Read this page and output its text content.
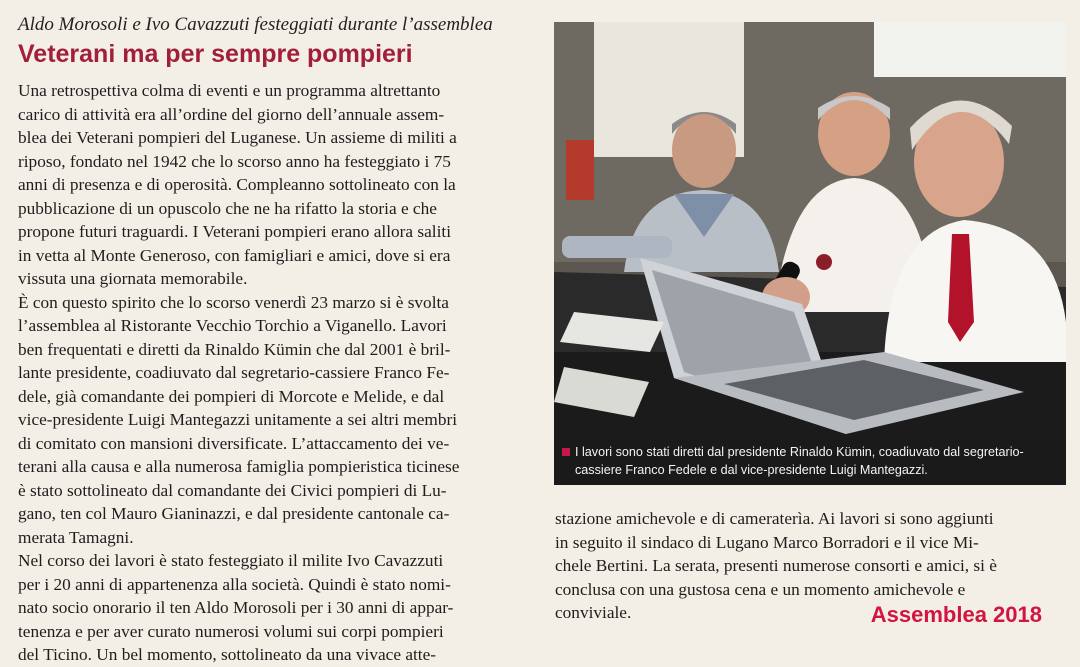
Aldo Morosoli e Ivo Cavazzuti festeggiati durante l’assemblea
Veterani ma per sempre pompieri

Una retrospettiva colma di eventi e un programma altrettanto

carico di attività era all’ordine del giorno dell’annuale assem-

blea dei Veterani pompieri del Luganese. Un assieme di militi a

riposo, fondato nel 1942 che lo scorso anno ha festeggiato i 75

anni di presenza e di operosità. Compleanno sottolineato con la

pubblicazione di un opuscolo che ne ha rifatto la storia e che

propone futuri traguardi. I Veterani pompieri erano allora saliti

in vetta al Monte Generoso, con famigliari e amici, dove si era

vissuta una giornata memorabile.

È con questo spirito che lo scorso venerdì 23 marzo si è svolta

l’assemblea al Ristorante Vecchio Torchio a Viganello. Lavori

ben frequentati e diretti da Rinaldo Kümin che dal 2001 è bril-

lante presidente, coadiuvato dal segretario-cassiere Franco Fe-

dele, già comandante dei pompieri di Morcote e Melide, e dal

vice-presidente Luigi Mantegazzi unitamente a sei altri membri

di comitato con mansioni diversificate. L’attaccamento dei ve-

terani alla causa e alla numerosa famiglia pompieristica ticinese

è stato sottolineato dal comandante dei Civici pompieri di Lu-

gano, ten col Mauro Gianinazzi, e dal presidente cantonale ca-

merata Tamagni.

Nel corso dei lavori è stato festeggiato il milite Ivo Cavazzuti

per i 20 anni di appartenenza alla società. Quindi è stato nomi-

nato socio onorario il ten Aldo Morosoli per i 30 anni di appar-

tenenza e per aver curato numerosi volumi sui corpi pompieri

del Ticino. Un bel momento, sottolineato da una vivace atte-

I lavori sono stati diretti dal presidente Rinaldo Kümin, coadiuvato dal segretario-
cassiere Franco Fedele e dal vice-presidente Luigi Mantegazzi.

stazione amichevole e di cameraterìa. Ai lavori si sono aggiunti

in seguito il sindaco di Lugano Marco Borradori e il vice Mi-

chele Bertini. La serata, presenti numerose consorti e amici, si è

conclusa con una gustosa cena e un momento amichevole e

conviviale.	Assemblea 2018
